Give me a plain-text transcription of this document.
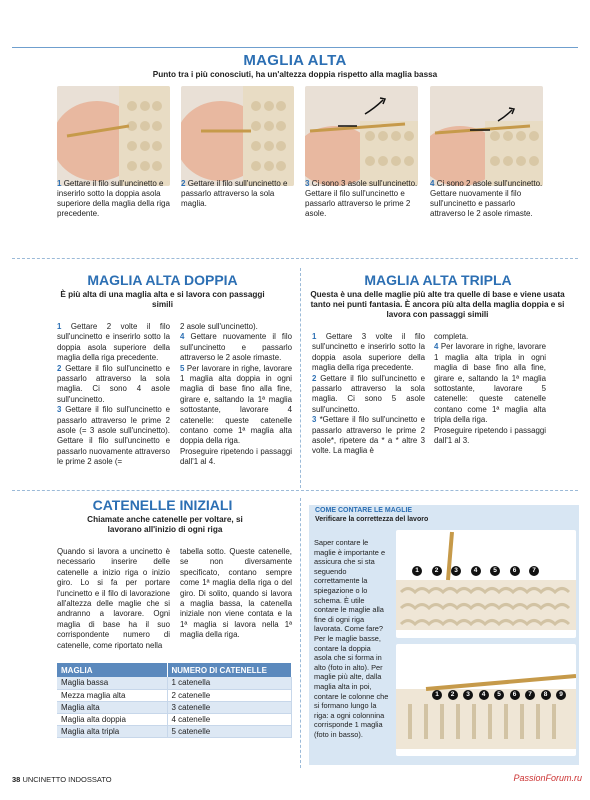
MAGLIA ALTA
Punto tra i più conosciuti, ha un'altezza doppia rispetto alla maglia bassa
1 Gettare il filo sull'uncinetto e inserirlo sotto la doppia asola superiore della maglia della riga precedente.
2 Gettare il filo sull'uncinetto e passarlo attraverso la sola maglia.
3 Ci sono 3 asole sull'uncinetto. Gettare il filo sull'uncinetto e passarlo attraverso le prime 2 asole.
4 Ci sono 2 asole sull'uncinetto. Gettare nuovamente il filo sull'uncinetto e passarlo attraverso le 2 asole rimaste.
MAGLIA ALTA DOPPIA
È più alta di una maglia alta e si lavora con passaggi simili

1 Gettare 2 volte il filo sull'uncinetto e inserirlo sotto la doppia asola superiore della maglia della riga precedente.

2 Gettare il filo sull'uncinetto e passarlo attraverso la sola maglia. Ci sono 4 asole sull'uncinetto.

3 Gettare il filo sull'uncinetto e passarlo attraverso le prime 2 asole (= 3 asole sull'uncinetto). Gettare il filo sull'uncinetto e passarlo nuovamente attraverso le prime 2 asole (=

2 asole sull'uncinetto).

4 Gettare nuovamente il filo sull'uncinetto e passarlo attraverso le 2 asole rimaste.

5 Per lavorare in righe, lavorare 1 maglia alta doppia in ogni maglia di base fino alla fine, girare e, saltando la 1ª maglia sottostante, lavorare 4 catenelle: queste catenelle contano come 1ª maglia alta doppia della riga.

Proseguire ripetendo i passaggi dall'1 al 4.

MAGLIA ALTA TRIPLA
Questa è una delle maglie più alte tra quelle di base e viene usata tanto nei punti fantasia. È ancora più alta della maglia doppia e si lavora con passaggi simili

1 Gettare 3 volte il filo sull'uncinetto e inserirlo sotto la doppia asola superiore della maglia della riga precedente.

2 Gettare il filo sull'uncinetto e passarlo attraverso la sola maglia. Ci sono 5 asole sull'uncinetto.

3 *Gettare il filo sull'uncinetto e passarlo attraverso le prime 2 asole*, ripetere da * a * altre 3 volte. La maglia è

completa.

4 Per lavorare in righe, lavorare 1 maglia alta tripla in ogni maglia di base fino alla fine, girare e, saltando la 1ª maglia sottostante, lavorare 5 catenelle: queste catenelle contano come 1ª maglia alta tripla della riga.

Proseguire ripetendo i passaggi dall'1 al 3.

CATENELLE INIZIALI
Chiamate anche catenelle per voltare, si lavorano all'inizio di ogni riga
Quando si lavora a uncinetto è necessario inserire delle catenelle a inizio riga o inizio giro. Lo si fa per portare l'uncinetto e il filo di lavorazione all'altezza delle maglie che si andranno a lavorare. Ogni maglia di base ha il suo corrispondente numero di catenelle, come riportato nella
tabella sotto. Queste catenelle, se non diversamente specificato, contano sempre come 1ª maglia della riga o del giro. Di solito, quando si lavora a maglia bassa, la catenella iniziale non viene contata e la 1ª maglia si lavora nella 1ª maglia della riga.
MAGLIA	NUMERO DI CATENELLE
Maglia bassa	1 catenella
Mezza maglia alta	2 catenelle
Maglia alta	3 catenelle
Maglia alta doppia	4 catenelle
Maglia alta tripla	5 catenelle
COME CONTARE LE MAGLIE
Verificare la correttezza del lavoro
Saper contare le maglie è importante e assicura che si sta seguendo correttamente la spiegazione o lo schema. È utile contare le maglie alla fine di ogni riga lavorata. Come fare? Per le maglie basse, contare la doppia asola che si forma in alto (foto in alto). Per maglie più alte, dalla maglia alta in poi, contare le colonne che si formano lungo la riga: a ogni colonnina corrisponde 1 maglia (foto in basso).
1	2	3	4	5	6	7
1	2	3	4	5	6	7	8	9
38 UNCINETTO INDOSSATO	PassionForum.ru
